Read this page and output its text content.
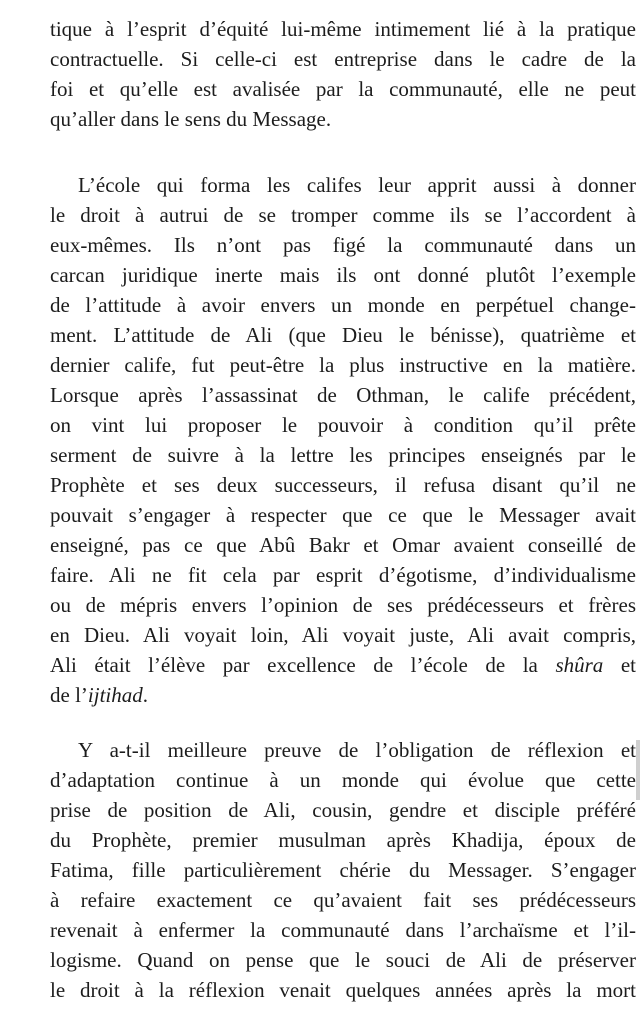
tique à l’esprit d’équité lui-même intimement lié à la pratique
contractuelle. Si celle-ci est entreprise dans le cadre de la
foi et qu’elle est avalisée par la communauté, elle ne peut
qu’aller dans le sens du Message.
L’école qui forma les califes leur apprit aussi à donner
le droit à autrui de se tromper comme ils se l’accordent à
eux-mêmes. Ils n’ont pas figé la communauté dans un
carcan juridique inerte mais ils ont donné plutôt l’exemple
de l’attitude à avoir envers un monde en perpétuel change-
ment. L’attitude de Ali (que Dieu le bénisse), quatrième et
dernier calife, fut peut-être la plus instructive en la matière.
Lorsque après l’assassinat de Othman, le calife précédent,
on vint lui proposer le pouvoir à condition qu’il prête
serment de suivre à la lettre les principes enseignés par le
Prophète et ses deux successeurs, il refusa disant qu’il ne
pouvait s’engager à respecter que ce que le Messager avait
enseigné, pas ce que Abû Bakr et Omar avaient conseillé de
faire. Ali ne fit cela par esprit d’égotisme, d’individualisme
ou de mépris envers l’opinion de ses prédécesseurs et frères
en Dieu. Ali voyait loin, Ali voyait juste, Ali avait compris,
Ali était l’élève par excellence de l’école de la shûra et
de l’ijtihad.
Y a-t-il meilleure preuve de l’obligation de réflexion et
d’adaptation continue à un monde qui évolue que cette
prise de position de Ali, cousin, gendre et disciple préféré
du Prophète, premier musulman après Khadija, époux de
Fatima, fille particulièrement chérie du Messager. S’engager
à refaire exactement ce qu’avaient fait ses prédécesseurs
revenait à enfermer la communauté dans l’archaïsme et l’il-
logisme. Quand on pense que le souci de Ali de préserver
le droit à la réflexion venait quelques années après la mort
